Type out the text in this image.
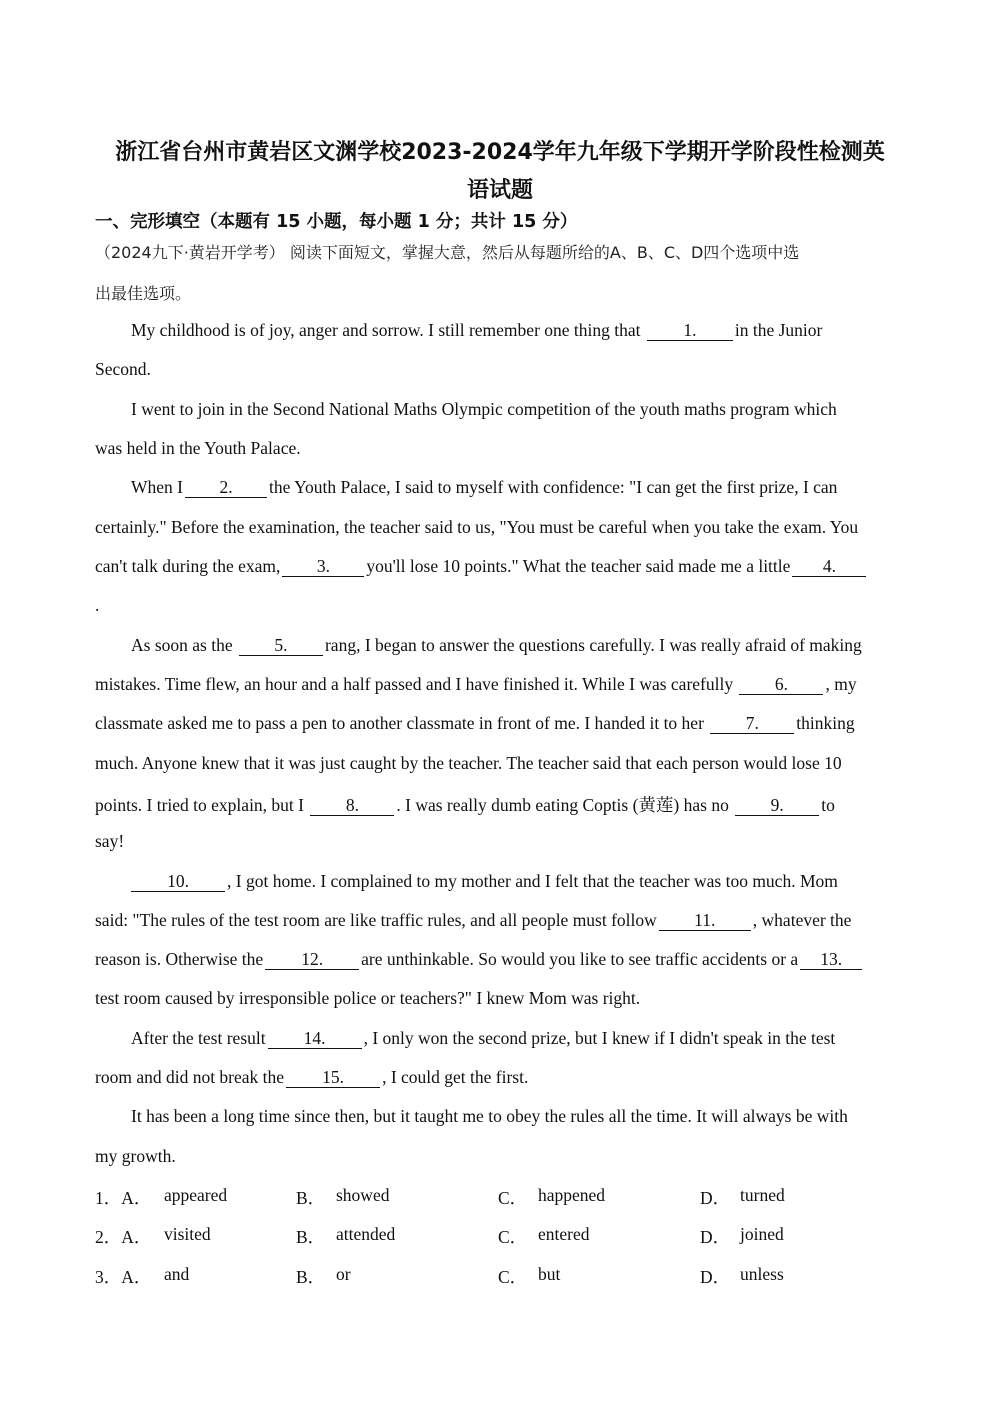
浙江省台州市黄岩区文渊学校2023-2024学年九年级下学期开学阶段性检测英
语试题
一、完形填空（本题有 15 小题，每小题 1 分；共计 15 分）
（2024九下·黄岩开学考） 阅读下面短文，掌握大意，然后从每题所给的A、B、C、D四个选项中选
出最佳选项。
My childhood is of joy, anger and sorrow. I still remember one thing that 1. in the Junior
Second.
I went to join in the Second National Maths Olympic competition of the youth maths program which
was held in the Youth Palace.
When I 2. the Youth Palace, I said to myself with confidence: "I can get the first prize, I can
certainly." Before the examination, the teacher said to us, "You must be careful when you take the exam. You
can't talk during the exam, 3. you'll lose 10 points." What the teacher said made me a little 4.
.
As soon as the 5. rang, I began to answer the questions carefully. I was really afraid of making
mistakes. Time flew, an hour and a half passed and I have finished it. While I was carefully 6. , my
classmate asked me to pass a pen to another classmate in front of me. I handed it to her 7. thinking
much. Anyone knew that it was just caught by the teacher. The teacher said that each person would lose 10
points. I tried to explain, but I 8. . I was really dumb eating Coptis (黄莲) has no 9. to
say!
10. , I got home. I complained to my mother and I felt that the teacher was too much. Mom
said: "The rules of the test room are like traffic rules, and all people must follow 11. , whatever the
reason is. Otherwise the 12. are unthinkable. So would you like to see traffic accidents or a 13.
test room caused by irresponsible police or teachers?" I knew Mom was right.
After the test result 14. , I only won the second prize, but I knew if I didn't speak in the test
room and did not break the 15. , I could get the first.
It has been a long time since then, but it taught me to obey the rules all the time. It will always be with
my growth.
1．A． appeared	B． showed	C． happened	D． turned
2．A． visited	B． attended	C． entered	D． joined
3．A． and	B． or	C． but	D． unless
